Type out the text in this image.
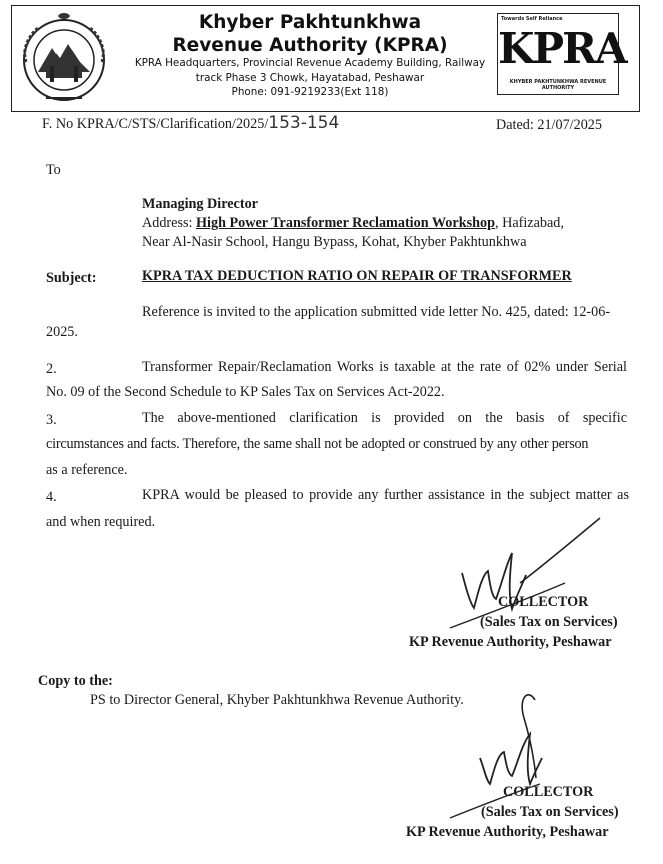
Khyber Pakhtunkhwa
Revenue Authority (KPRA)
KPRA Headquarters, Provincial Revenue Academy Building, Railway
track Phase 3 Chowk, Hayatabad, Peshawar
Phone: 091-9219233(Ext 118)
Towards Self Reliance
KPRA
KHYBER PAKHTUNKHWA REVENUE AUTHORITY
F. No KPRA/C/STS/Clarification/2025/153-154	Dated: 21/07/2025
To
Managing Director
Address: High Power Transformer Reclamation Workshop, Hafizabad,
Near Al-Nasir School, Hangu Bypass, Kohat, Khyber Pakhtunkhwa
Subject:	KPRA TAX DEDUCTION RATIO ON REPAIR OF TRANSFORMER
Reference is invited to the application submitted vide letter No. 425, dated: 12-06-
2025.
2.	Transformer Repair/Reclamation Works is taxable at the rate of 02% under Serial
No. 09 of the Second Schedule to KP Sales Tax on Services Act-2022.
3.	The above-mentioned clarification is provided on the basis of specific
circumstances and facts. Therefore, the same shall not be adopted or construed by any other person
as a reference.
4.	KPRA would be pleased to provide any further assistance in the subject matter as
and when required.
COLLECTOR
(Sales Tax on Services)
KP Revenue Authority, Peshawar
Copy to the:
PS to Director General, Khyber Pakhtunkhwa Revenue Authority.
COLLECTOR
(Sales Tax on Services)
KP Revenue Authority, Peshawar
